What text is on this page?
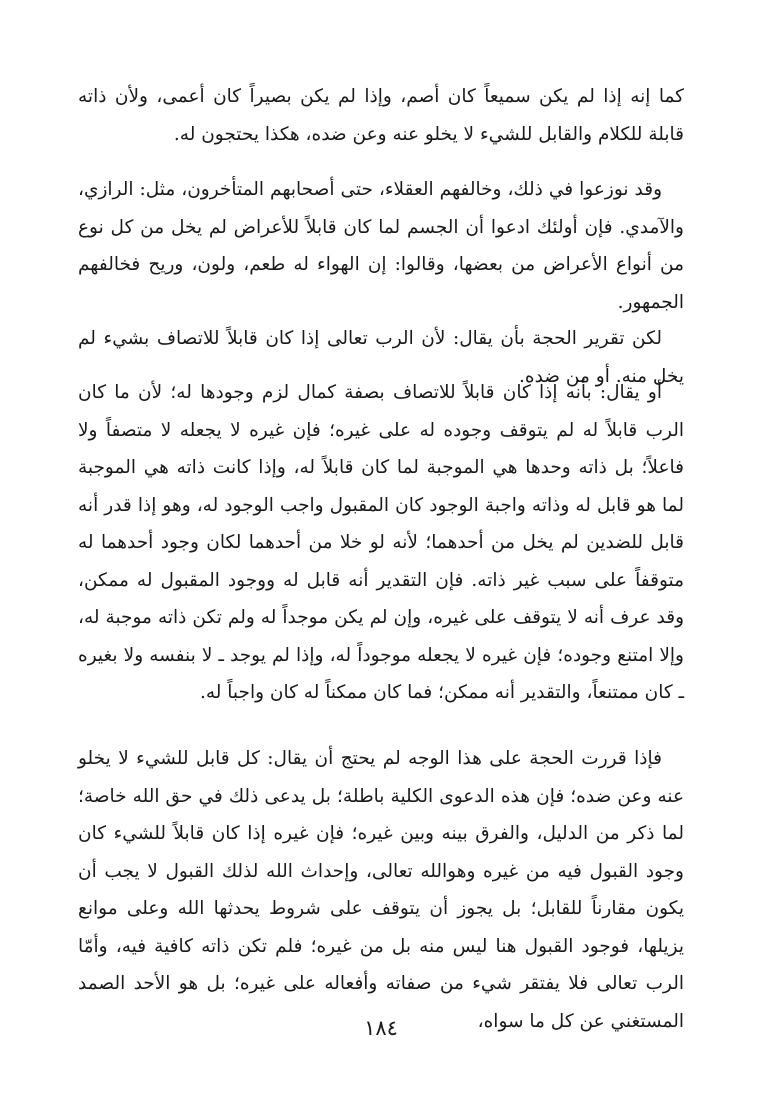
كما إنه إذا لم يكن سميعاً كان أصم، وإذا لم يكن بصيراً كان أعمى، ولأن ذاته قابلة للكلام والقابل للشيء لا يخلو عنه وعن ضده، هكذا يحتجون له.

وقد نوزعوا في ذلك، وخالفهم العقلاء، حتى أصحابهم المتأخرون، مثل: الرازي، والآمدي. فإن أولئك ادعوا أن الجسم لما كان قابلاً للأعراض لم يخل من كل نوع من أنواع الأعراض من بعضها، وقالوا: إن الهواء له طعم، ولون، وريح فخالفهم الجمهور.

لكن تقرير الحجة بأن يقال: لأن الرب تعالى إذا كان قابلاً للاتصاف بشيء لم يخل منه. أو من ضده.

أو يقال: بأنه إذا كان قابلاً للاتصاف بصفة كمال لزم وجودها له؛ لأن ما كان الرب قابلاً له لم يتوقف وجوده له على غيره؛ فإن غيره لا يجعله لا متصفاً ولا فاعلاً؛ بل ذاته وحدها هي الموجبة لما كان قابلاً له، وإذا كانت ذاته هي الموجبة لما هو قابل له وذاته واجبة الوجود كان المقبول واجب الوجود له، وهو إذا قدر أنه قابل للضدين لم يخل من أحدهما؛ لأنه لو خلا من أحدهما لكان وجود أحدهما له متوقفاً على سبب غير ذاته. فإن التقدير أنه قابل له ووجود المقبول له ممكن، وقد عرف أنه لا يتوقف على غيره، وإن لم يكن موجداً له ولم تكن ذاته موجبة له، وإلا امتنع وجوده؛ فإن غيره لا يجعله موجوداً له، وإذا لم يوجد ـ لا بنفسه ولا بغيره ـ كان ممتنعاً، والتقدير أنه ممكن؛ فما كان ممكناً له كان واجباً له.

فإذا قررت الحجة على هذا الوجه لم يحتج أن يقال: كل قابل للشيء لا يخلو عنه وعن ضده؛ فإن هذه الدعوى الكلية باطلة؛ بل يدعى ذلك في حق الله خاصة؛ لما ذكر من الدليل، والفرق بينه وبين غيره؛ فإن غيره إذا كان قابلاً للشيء كان وجود القبول فيه من غيره وهوالله تعالى، وإحداث الله لذلك القبول لا يجب أن يكون مقارناً للقابل؛ بل يجوز أن يتوقف على شروط يحدثها الله وعلى موانع يزيلها، فوجود القبول هنا ليس منه بل من غيره؛ فلم تكن ذاته كافية فيه، وأمّا الرب تعالى فلا يفتقر شيء من صفاته وأفعاله على غيره؛ بل هو الأحد الصمد المستغني عن كل ما سواه،

١٨٤
